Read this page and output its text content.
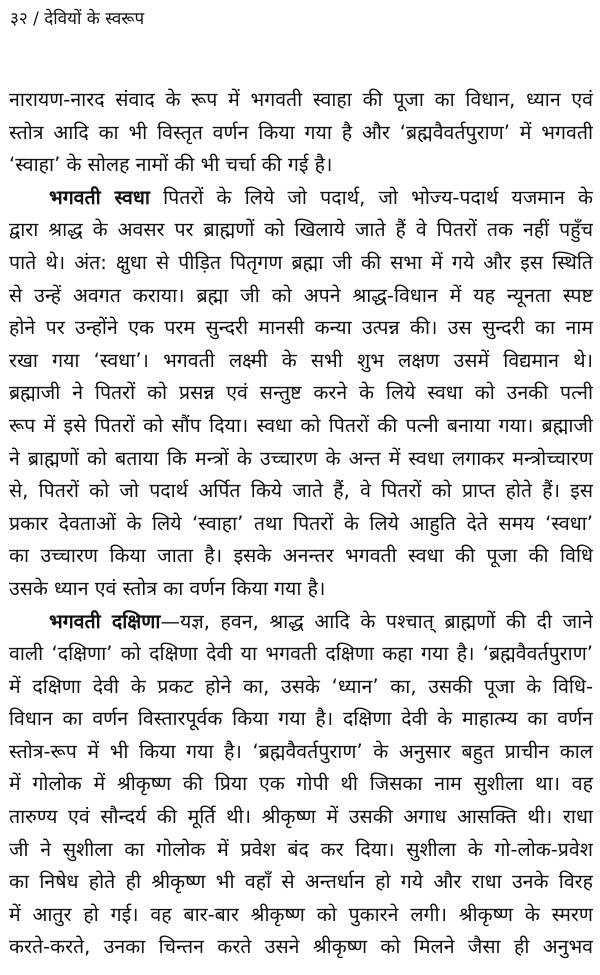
३२ / देवियों के स्वरूप
नारायण-नारद संवाद के रूप में भगवती स्वाहा की पूजा का विधान, ध्यान एवं
स्तोत्र आदि का भी विस्तृत वर्णन किया गया है और ‘ब्रह्मवैवर्तपुराण’ में भगवती
‘स्वाहा’ के सोलह नामों की भी चर्चा की गई है।
भगवती स्वधा पितरों के लिये जो पदार्थ, जो भोज्य-पदार्थ यजमान के
द्वारा श्राद्ध के अवसर पर ब्राह्मणों को खिलाये जाते हैं वे पितरों तक नहीं पहुँच
पाते थे। अंत: क्षुधा से पीड़ित पितृगण ब्रह्मा जी की सभा में गये और इस स्थिति
से उन्हें अवगत कराया। ब्रह्मा जी को अपने श्राद्ध-विधान में यह न्यूनता स्पष्ट
होने पर उन्होंने एक परम सुन्दरी मानसी कन्या उत्पन्न की। उस सुन्दरी का नाम
रखा गया ‘स्वधा’। भगवती लक्ष्मी के सभी शुभ लक्षण उसमें विद्यमान थे।
ब्रह्माजी ने पितरों को प्रसन्न एवं सन्तुष्ट करने के लिये स्वधा को उनकी पत्नी
रूप में इसे पितरों को सौंप दिया। स्वधा को पितरों की पत्नी बनाया गया। ब्रह्माजी
ने ब्राह्मणों को बताया कि मन्त्रों के उच्चारण के अन्त में स्वधा लगाकर मन्त्रोच्चारण
से, पितरों को जो पदार्थ अर्पित किये जाते हैं, वे पितरों को प्राप्त होते हैं। इस
प्रकार देवताओं के लिये ‘स्वाहा’ तथा पितरों के लिये आहुति देते समय ‘स्वधा’
का उच्चारण किया जाता है। इसके अनन्तर भगवती स्वधा की पूजा की विधि
उसके ध्यान एवं स्तोत्र का वर्णन किया गया है।
भगवती दक्षिणा—यज्ञ, हवन, श्राद्ध आदि के पश्चात् ब्राह्मणों की दी जाने
वाली ‘दक्षिणा’ को दक्षिणा देवी या भगवती दक्षिणा कहा गया है। ‘ब्रह्मवैवर्तपुराण’
में दक्षिणा देवी के प्रकट होने का, उसके ‘ध्यान’ का, उसकी पूजा के विधि-
विधान का वर्णन विस्तारपूर्वक किया गया है। दक्षिणा देवी के माहात्म्य का वर्णन
स्तोत्र-रूप में भी किया गया है। ‘ब्रह्मवैवर्तपुराण’ के अनुसार बहुत प्राचीन काल
में गोलोक में श्रीकृष्ण की प्रिया एक गोपी थी जिसका नाम सुशीला था। वह
तारुण्य एवं सौन्दर्य की मूर्ति थी। श्रीकृष्ण में उसकी अगाध आसक्ति थी। राधा
जी ने सुशीला का गोलोक में प्रवेश बंद कर दिया। सुशीला के गो-लोक-प्रवेश
का निषेध होते ही श्रीकृष्ण भी वहाँ से अन्तर्धान हो गये और राधा उनके विरह
में आतुर हो गई। वह बार-बार श्रीकृष्ण को पुकारने लगी। श्रीकृष्ण के स्मरण
करते-करते, उनका चिन्तन करते उसने श्रीकृष्ण को मिलने जैसा ही अनुभव
